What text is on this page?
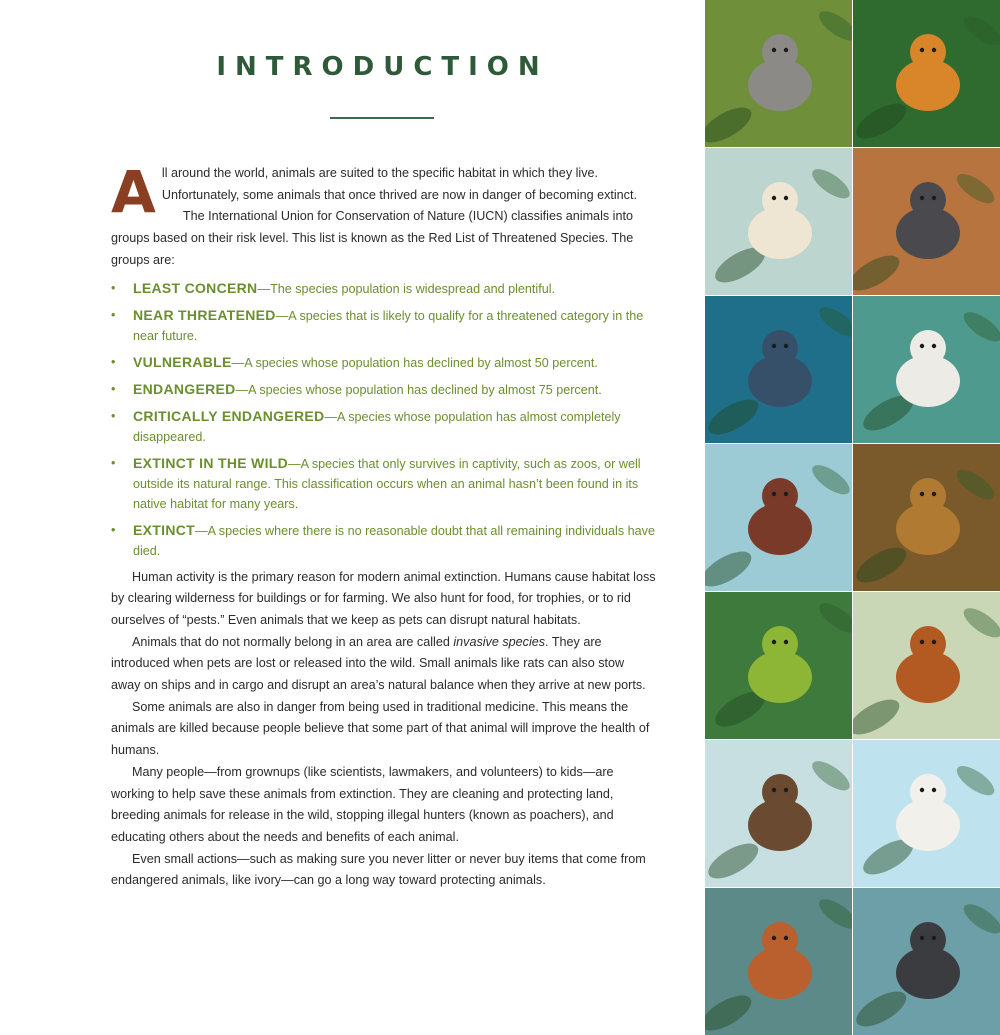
INTRODUCTION

All around the world, animals are suited to the specific habitat in which they live. Unfortunately, some animals that once thrived are now in danger of becoming extinct.

The International Union for Conservation of Nature (IUCN) classifies animals into groups based on their risk level. This list is known as the Red List of Threatened Species. The groups are:

• LEAST CONCERN—The species population is widespread and plentiful.
• NEAR THREATENED—A species that is likely to qualify for a threatened category in the near future.
• VULNERABLE—A species whose population has declined by almost 50 percent.
• ENDANGERED—A species whose population has declined by almost 75 percent.
• CRITICALLY ENDANGERED—A species whose population has almost completely disappeared.
• EXTINCT IN THE WILD—A species that only survives in captivity, such as zoos, or well outside its natural range. This classification occurs when an animal hasn’t been found in its native habitat for many years.
• EXTINCT—A species where there is no reasonable doubt that all remaining individuals have died.

Human activity is the primary reason for modern animal extinction. Humans cause habitat loss by clearing wilderness for buildings or for farming. We also hunt for food, for trophies, or to rid ourselves of “pests.” Even animals that we keep as pets can disrupt natural habitats.

Animals that do not normally belong in an area are called invasive species. They are introduced when pets are lost or released into the wild. Small animals like rats can also stow away on ships and in cargo and disrupt an area’s natural balance when they arrive at new ports.

Some animals are also in danger from being used in traditional medicine. This means the animals are killed because people believe that some part of that animal will improve the health of humans.

Many people—from grownups (like scientists, lawmakers, and volunteers) to kids—are working to help save these animals from extinction. They are cleaning and protecting land, breeding animals for release in the wild, stopping illegal hunters (known as poachers), and educating others about the needs and benefits of each animal.

Even small actions—such as making sure you never litter or never buy items that come from endangered animals, like ivory—can go a long way toward protecting animals.
